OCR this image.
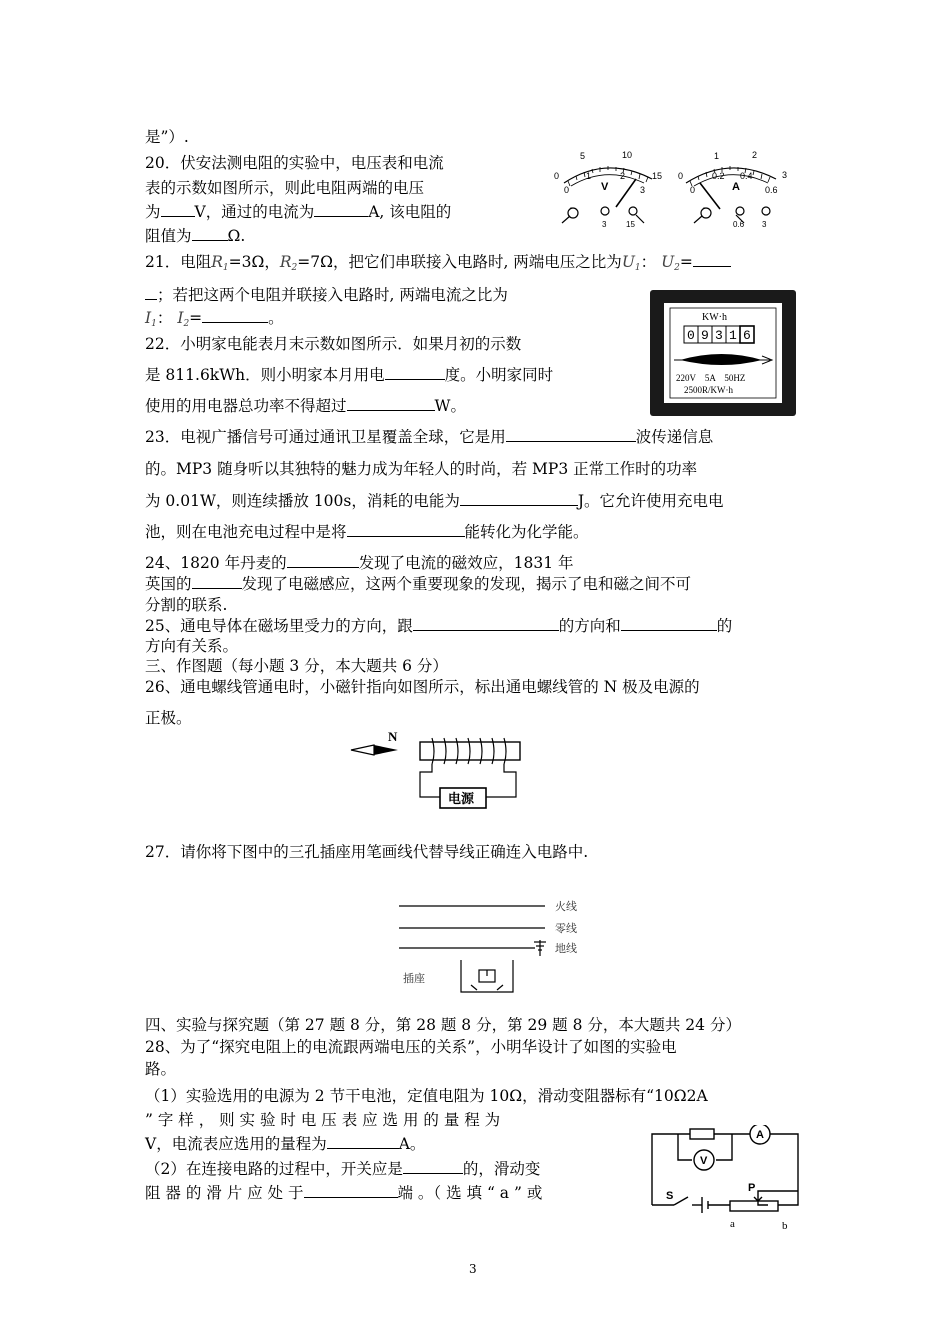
是”）.
20．伏安法测电阻的实验中，电压表和电流
表的示数如图所示，则此电阻两端的电压
为 V，通过的电流为	A, 该电阻的
阻值为 Ω.
21．电阻$R_1=3\Omega$，$R_2=7\Omega$，把它们串联接入电路时, 两端电压之比为$U_1$： $U_2=$
；若把这两个电阻并联接入电路时, 两端电流之比为
$I_1$： $I_2=$	。
22．小明家电能表月末示数如图所示．如果月初的示数
是 811.6kWh．则小明家本月用电	度。小明家同时
使用的用电器总功率不得超过	W。
23．电视广播信号可通过通讯卫星覆盖全球，它是用	波传递信息
的。MP3 随身听以其独特的魅力成为年轻人的时尚，若 MP3 正常工作时的功率
为 0.01W，则连续播放 100s，消耗的电能为	J。它允许使用充电电
池，则在电池充电过程中是将	能转化为化学能。
24、1820 年丹麦的	发现了电流的磁效应，1831 年
英国的	发现了电磁感应，这两个重要现象的发现，揭示了电和磁之间不可
分割的联系.
25、通电导体在磁场里受力的方向，跟	的方向和	的
方向有关系。
三、作图题（每小题 3 分，本大题共 6 分）
26、通电螺线管通电时，小磁针指向如图所示，标出通电螺线管的 N 极及电源的
正极。
27．请你将下图中的三孔插座用笔画线代替导线正确连入电路中.
四、实验与探究题（第 27 题 8 分，第 28 题 8 分，第 29 题 8 分，本大题共 24 分）
28、为了“探究电阻上的电流跟两端电压的关系”，小明华设计了如图的实验电
路。
（1）实验选用的电源为 2 节干电池，定值电阻为 10Ω，滑动变阻器标有“10Ω2A
” 字 样 ， 则 实 验 时 电 压 表 应 选 用 的 量 程 为
V，电流表应选用的量程为	A。
（2）在连接电路的过程中，开关应是	的，滑动变
阻 器 的 滑 片 应 处 于	端 。（ 选 填 “ a ” 或
5	10
1	2
0
0
15
3
V
-
3 15
1	2
0.2 0.4
0
0
3
0.6
A
-
0.6 3
KW·h
0 9 3 1 6
220V    5A    50HZ
2500R/KW·h
N
电源
火线
零线
地线
插座
A
V
S
P
a	b
3
